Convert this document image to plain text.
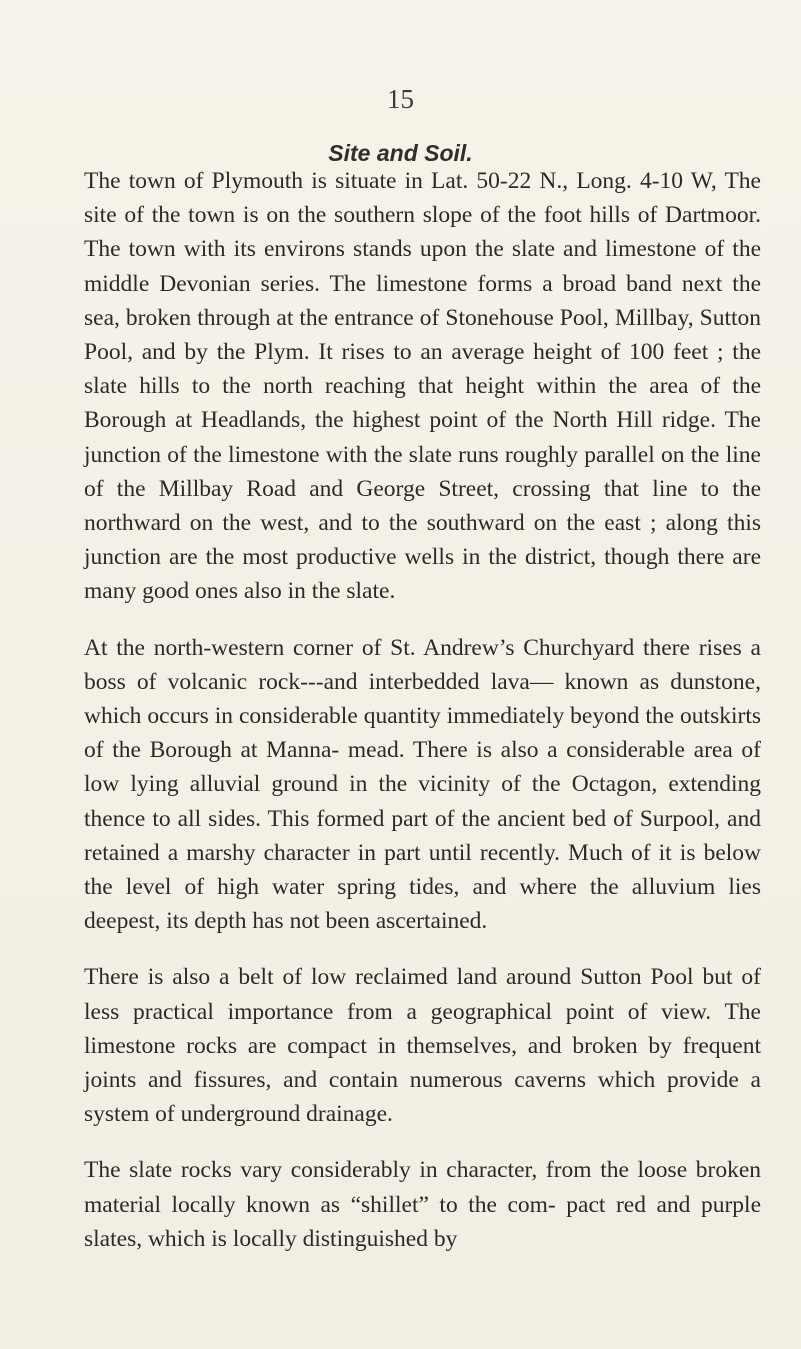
15
Site and Soil.

The town of Plymouth is situate in Lat. 50-22 N., Long. 4-10 W, The site of the town is on the southern slope of the foot hills of Dartmoor. The town with its environs stands upon the slate and limestone of the middle Devonian series. The limestone forms a broad band next the sea, broken through at the entrance of Stonehouse Pool, Millbay, Sutton Pool, and by the Plym. It rises to an average height of 100 feet ; the slate hills to the north reaching that height within the area of the Borough at Headlands, the highest point of the North Hill ridge. The junction of the limestone with the slate runs roughly parallel on the line of the Millbay Road and George Street, crossing that line to the northward on the west, and to the southward on the east ; along this junction are the most productive wells in the district, though there are many good ones also in the slate.

At the north-western corner of St. Andrew’s Churchyard there rises a boss of volcanic rock---and interbedded lava— known as dunstone, which occurs in considerable quantity immediately beyond the outskirts of the Borough at Manna- mead. There is also a considerable area of low lying alluvial ground in the vicinity of the Octagon, extending thence to all sides. This formed part of the ancient bed of Surpool, and retained a marshy character in part until recently. Much of it is below the level of high water spring tides, and where the alluvium lies deepest, its depth has not been ascertained.

There is also a belt of low reclaimed land around Sutton Pool but of less practical importance from a geographical point of view. The limestone rocks are compact in themselves, and broken by frequent joints and fissures, and contain numerous caverns which provide a system of underground drainage.

The slate rocks vary considerably in character, from the loose broken material locally known as “shillet” to the com- pact red and purple slates, which is locally distinguished by
